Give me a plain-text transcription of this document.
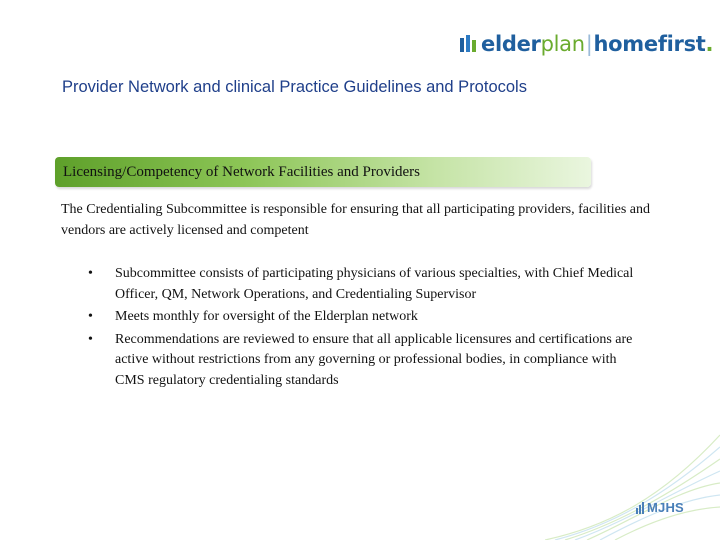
elder plan | homefirst .
Provider Network and clinical Practice Guidelines and Protocols
Licensing/Competency of Network Facilities and Providers
The Credentialing Subcommittee is responsible for ensuring that all participating providers, facilities and vendors are actively licensed and competent
• Subcommittee consists of participating physicians of various specialties, with Chief Medical Officer, QM, Network Operations, and Credentialing Supervisor
• Meets monthly for oversight of the Elderplan network
• Recommendations are reviewed to ensure that all applicable licensures and certifications are active without restrictions from any governing or professional bodies, in compliance with CMS regulatory credentialing standards
MJHS
